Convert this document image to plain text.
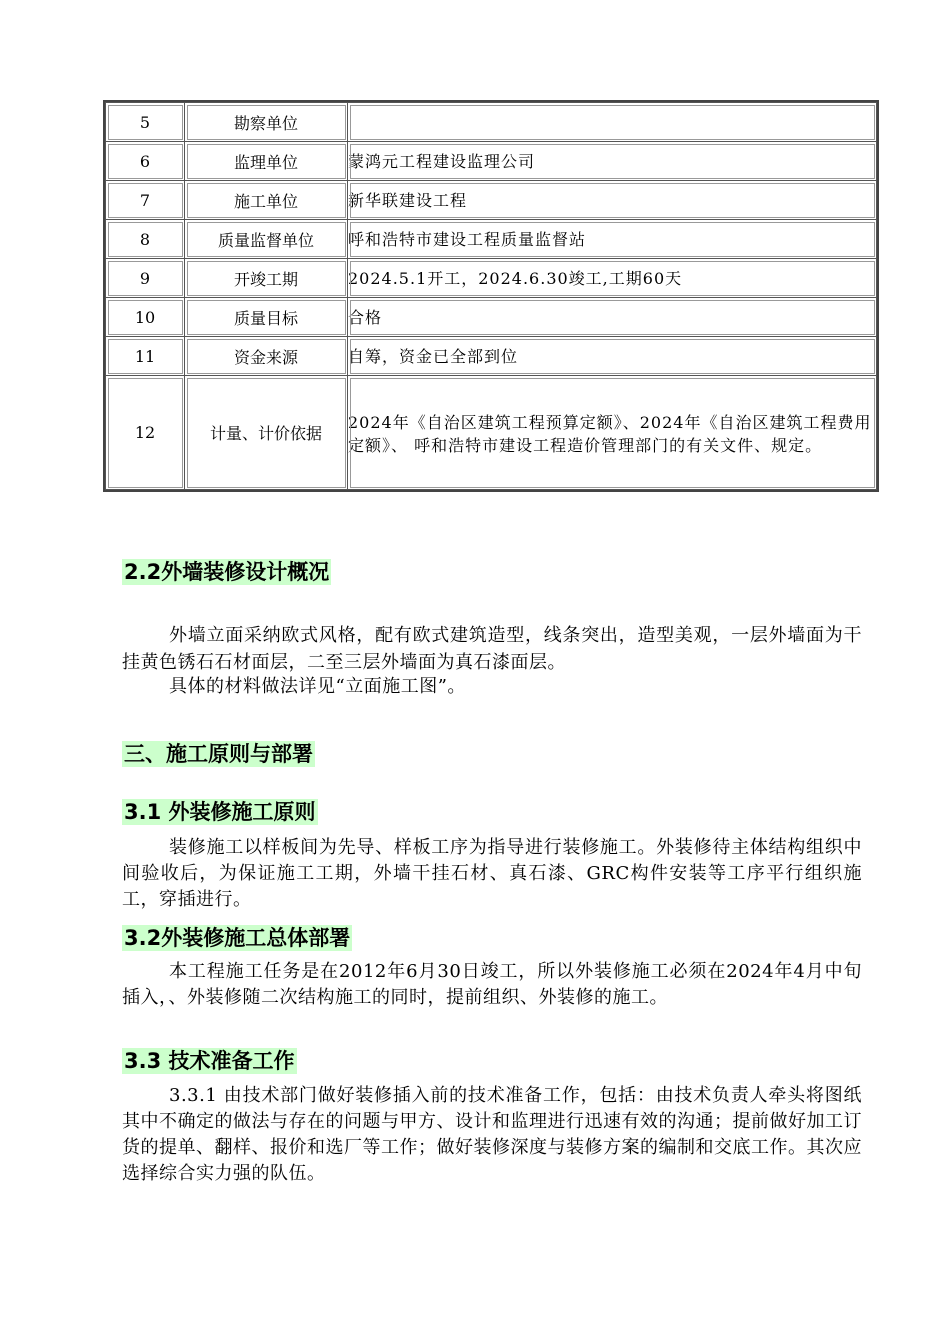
5	勘察单位	
6	监理单位	蒙鸿元工程建设监理公司
7	施工单位	新华联建设工程
8	质量监督单位	呼和浩特市建设工程质量监督站
9	开竣工期	2024.5.1开工，2024.6.30竣工,工期60天
10	质量目标	合格
11	资金来源	自筹，资金已全部到位
12	计量、计价依据	2024年《自治区建筑工程预算定额》、2024年《自治区建筑工程费用定额》、 呼和浩特市建设工程造价管理部门的有关文件、规定。
2.2外墙装修设计概况
外墙立面采纳欧式风格，配有欧式建筑造型，线条突出，造型美观，一层外墙面为干挂黄色锈石石材面层，二至三层外墙面为真石漆面层。
具体的材料做法详见“立面施工图”。
三、施工原则与部署
3.1 外装修施工原则
装修施工以样板间为先导、样板工序为指导进行装修施工。外装修待主体结构组织中间验收后，为保证施工工期，外墙干挂石材、真石漆、GRC构件安装等工序平行组织施工，穿插进行。
3.2外装修施工总体部署
本工程施工任务是在2012年6月30日竣工，所以外装修施工必须在2024年4月中旬插入，、外装修随二次结构施工的同时，提前组织、外装修的施工。
3.3 技术准备工作
3.3.1 由技术部门做好装修插入前的技术准备工作，包括：由技术负责人牵头将图纸其中不确定的做法与存在的问题与甲方、设计和监理进行迅速有效的沟通；提前做好加工订货的提单、翻样、报价和选厂等工作；做好装修深度与装修方案的编制和交底工作。其次应选择综合实力强的队伍。
